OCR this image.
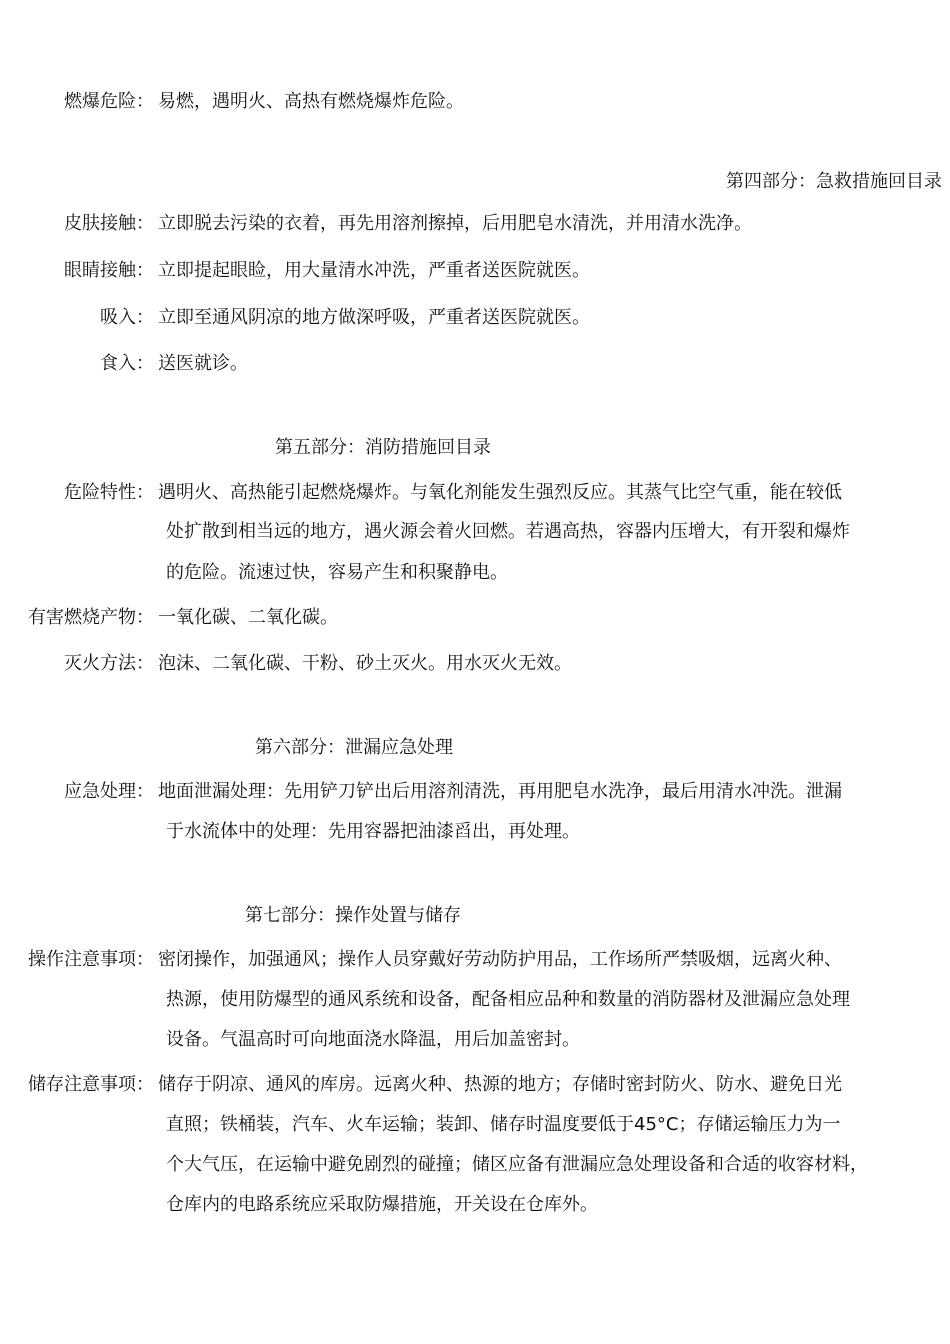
燃爆危险： 易燃，遇明火、高热有燃烧爆炸危险。
第四部分：急救措施回目录
皮肤接触： 立即脱去污染的衣着，再先用溶剂擦掉，后用肥皂水清洗，并用清水洗净。
眼睛接触： 立即提起眼睑，用大量清水冲洗，严重者送医院就医。
吸入： 立即至通风阴凉的地方做深呼吸，严重者送医院就医。
食入： 送医就诊。
第五部分：消防措施回目录
危险特性： 遇明火、高热能引起燃烧爆炸。与氧化剂能发生强烈反应。其蒸气比空气重，能在较低
处扩散到相当远的地方，遇火源会着火回燃。若遇高热，容器内压增大，有开裂和爆炸
的危险。流速过快，容易产生和积聚静电。
有害燃烧产物： 一氧化碳、二氧化碳。
灭火方法： 泡沫、二氧化碳、干粉、砂土灭火。用水灭火无效。
第六部分：泄漏应急处理
应急处理： 地面泄漏处理：先用铲刀铲出后用溶剂清洗，再用肥皂水洗净，最后用清水冲洗。泄漏
于水流体中的处理：先用容器把油漆舀出，再处理。
第七部分：操作处置与储存
操作注意事项： 密闭操作，加强通风；操作人员穿戴好劳动防护用品，工作场所严禁吸烟，远离火种、
热源，使用防爆型的通风系统和设备，配备相应品种和数量的消防器材及泄漏应急处理
设备。气温高时可向地面浇水降温，用后加盖密封。
储存注意事项： 储存于阴凉、通风的库房。远离火种、热源的地方；存储时密封防火、防水、避免日光
直照；铁桶装，汽车、火车运输；装卸、储存时温度要低于45°C；存储运输压力为一
个大气压，在运输中避免剧烈的碰撞；储区应备有泄漏应急处理设备和合适的收容材料，
仓库内的电路系统应采取防爆措施，开关设在仓库外。
